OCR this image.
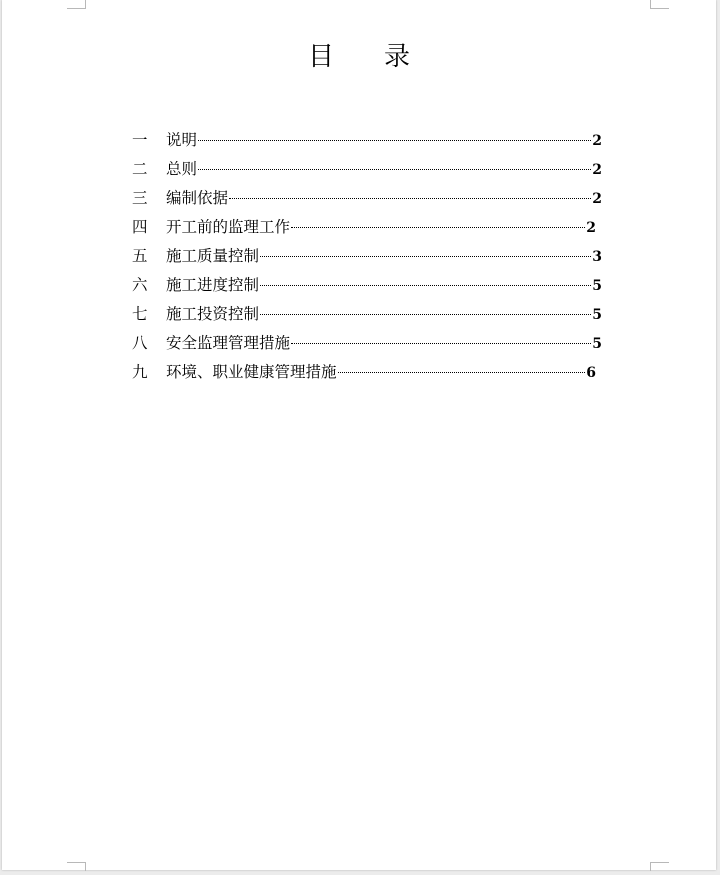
目 录
一	说明	2
二	总则	2
三	编制依据	2
四	开工前的监理工作	2
五	施工质量控制	3
六	施工进度控制	5
七	施工投资控制	5
八	安全监理管理措施	5
九	环境、职业健康管理措施	6
